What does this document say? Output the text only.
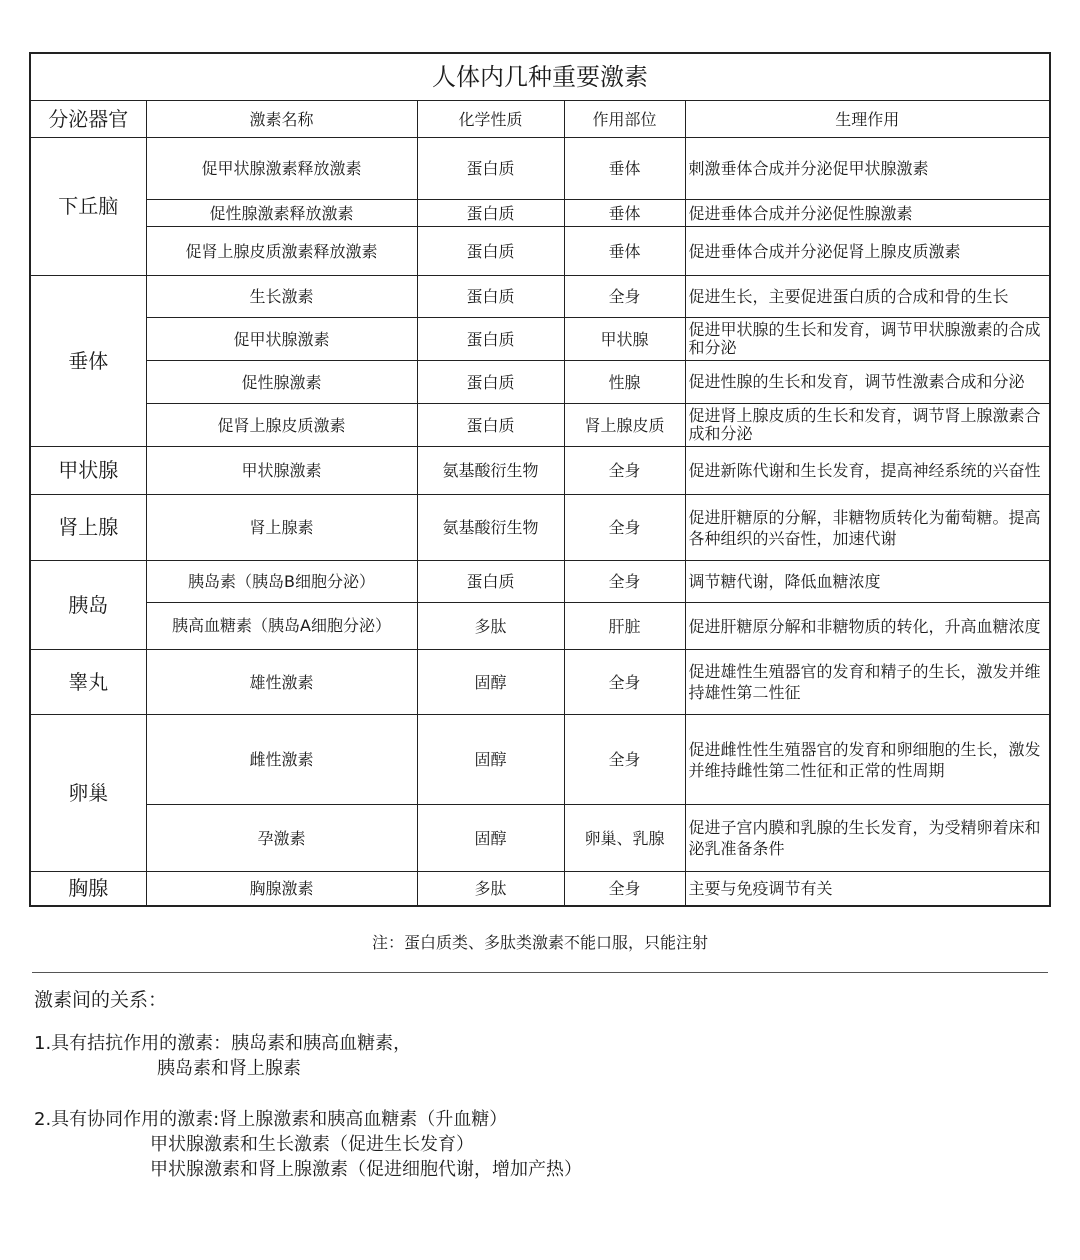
人体内几种重要激素				
分泌器官	激素名称	化学性质	作用部位	生理作用
下丘脑	促甲状腺激素释放激素	蛋白质	垂体	刺激垂体合成并分泌促甲状腺激素
	促性腺激素释放激素	蛋白质	垂体	促进垂体合成并分泌促性腺激素
	促肾上腺皮质激素释放激素	蛋白质	垂体	促进垂体合成并分泌促肾上腺皮质激素
垂体	生长激素	蛋白质	全身	促进生长，主要促进蛋白质的合成和骨的生长
	促甲状腺激素	蛋白质	甲状腺	促进甲状腺的生长和发育，调节甲状腺激素的合成和分泌
	促性腺激素	蛋白质	性腺	促进性腺的生长和发育，调节性激素合成和分泌
	促肾上腺皮质激素	蛋白质	肾上腺皮质	促进肾上腺皮质的生长和发育，调节肾上腺激素合成和分泌
甲状腺	甲状腺激素	氨基酸衍生物	全身	促进新陈代谢和生长发育，提高神经系统的兴奋性
肾上腺	肾上腺素	氨基酸衍生物	全身	促进肝糖原的分解，非糖物质转化为葡萄糖。提高各种组织的兴奋性，加速代谢
胰岛	胰岛素（胰岛B细胞分泌）	蛋白质	全身	调节糖代谢，降低血糖浓度
	胰高血糖素（胰岛A细胞分泌）	多肽	肝脏	促进肝糖原分解和非糖物质的转化，升高血糖浓度
睾丸	雄性激素	固醇	全身	促进雄性生殖器官的发育和精子的生长，激发并维持雄性第二性征
卵巢	雌性激素	固醇	全身	促进雌性性生殖器官的发育和卵细胞的生长，激发并维持雌性第二性征和正常的性周期
	孕激素	固醇	卵巢、乳腺	促进子宫内膜和乳腺的生长发育，为受精卵着床和泌乳准备条件
胸腺	胸腺激素	多肽	全身	主要与免疫调节有关
注：蛋白质类、多肽类激素不能口服，只能注射
激素间的关系：
1.具有拮抗作用的激素：胰岛素和胰高血糖素，
胰岛素和肾上腺素
2.具有协同作用的激素:肾上腺激素和胰高血糖素（升血糖）
甲状腺激素和生长激素（促进生长发育）
甲状腺激素和肾上腺激素（促进细胞代谢，增加产热）
